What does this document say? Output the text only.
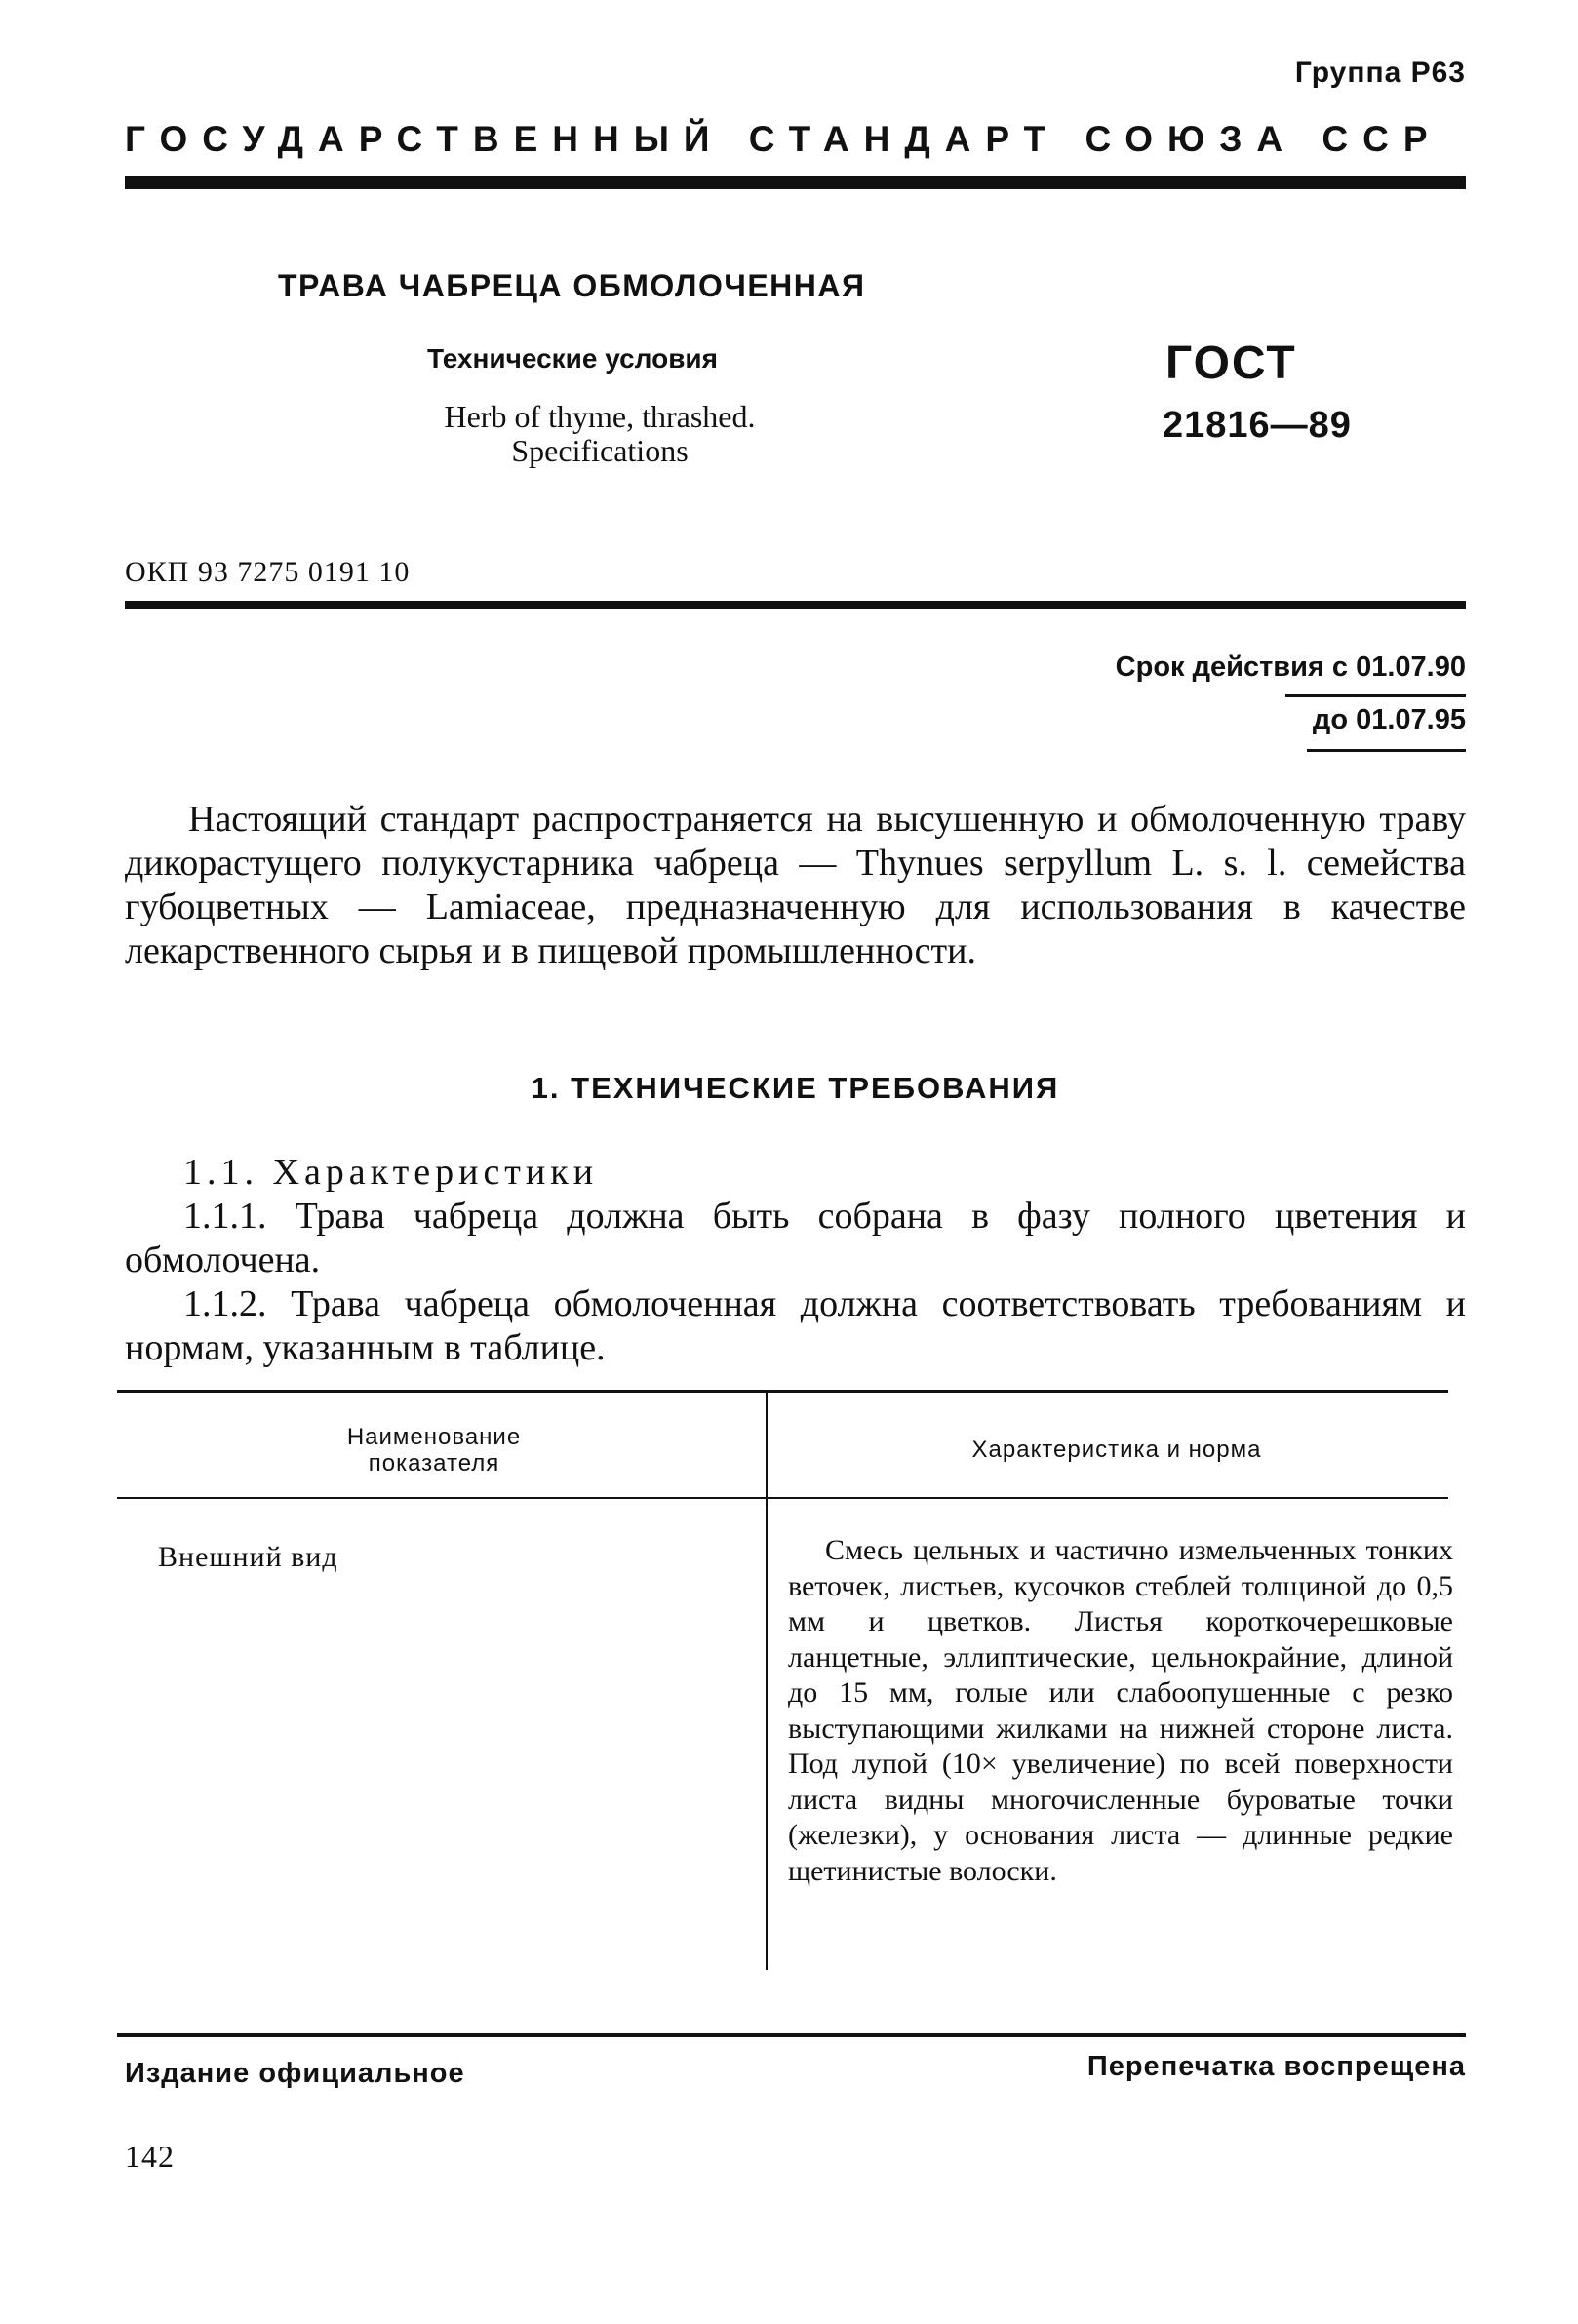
Группа Р63
ГОСУДАРСТВЕННЫЙ СТАНДАРТ СОЮЗА ССР
ТРАВА ЧАБРЕЦА ОБМОЛОЧЕННАЯ
Технические условия
Herb of thyme, thrashed.
Specifications
ГОСТ
21816—89
ОКП 93 7275 0191 10
Срок действия с 01.07.90
до 01.07.95
Настоящий стандарт распространяется на высушенную и обмолоченную траву дикорастущего полукустарника чабреца — Thynues serpyllum L. s. l. семейства губоцветных — Lamiaceae, предназначенную для использования в качестве лекарственного сырья и в пищевой промышленности.
1. ТЕХНИЧЕСКИЕ ТРЕБОВАНИЯ
1.1. Характеристики
1.1.1. Трава чабреца должна быть собрана в фазу полного цветения и обмолочена.
1.1.2. Трава чабреца обмолоченная должна соответствовать требованиям и нормам, указанным в таблице.
Наименование
показателя
Характеристика и норма
Внешний вид	Смесь цельных и частично измельченных тонких веточек, листьев, кусочков стеблей толщиной до 0,5 мм и цветков. Листья короткочерешковые ланцетные, эллиптические, цельнокрайние, длиной до 15 мм, голые или слабоопушенные с резко выступающими жилками на нижней стороне листа. Под лупой (10× увеличение) по всей поверхности листа видны многочисленные буроватые точки (железки), у основания листа — длинные редкие щетинистые волоски.
Издание официальное	Перепечатка воспрещена
142
